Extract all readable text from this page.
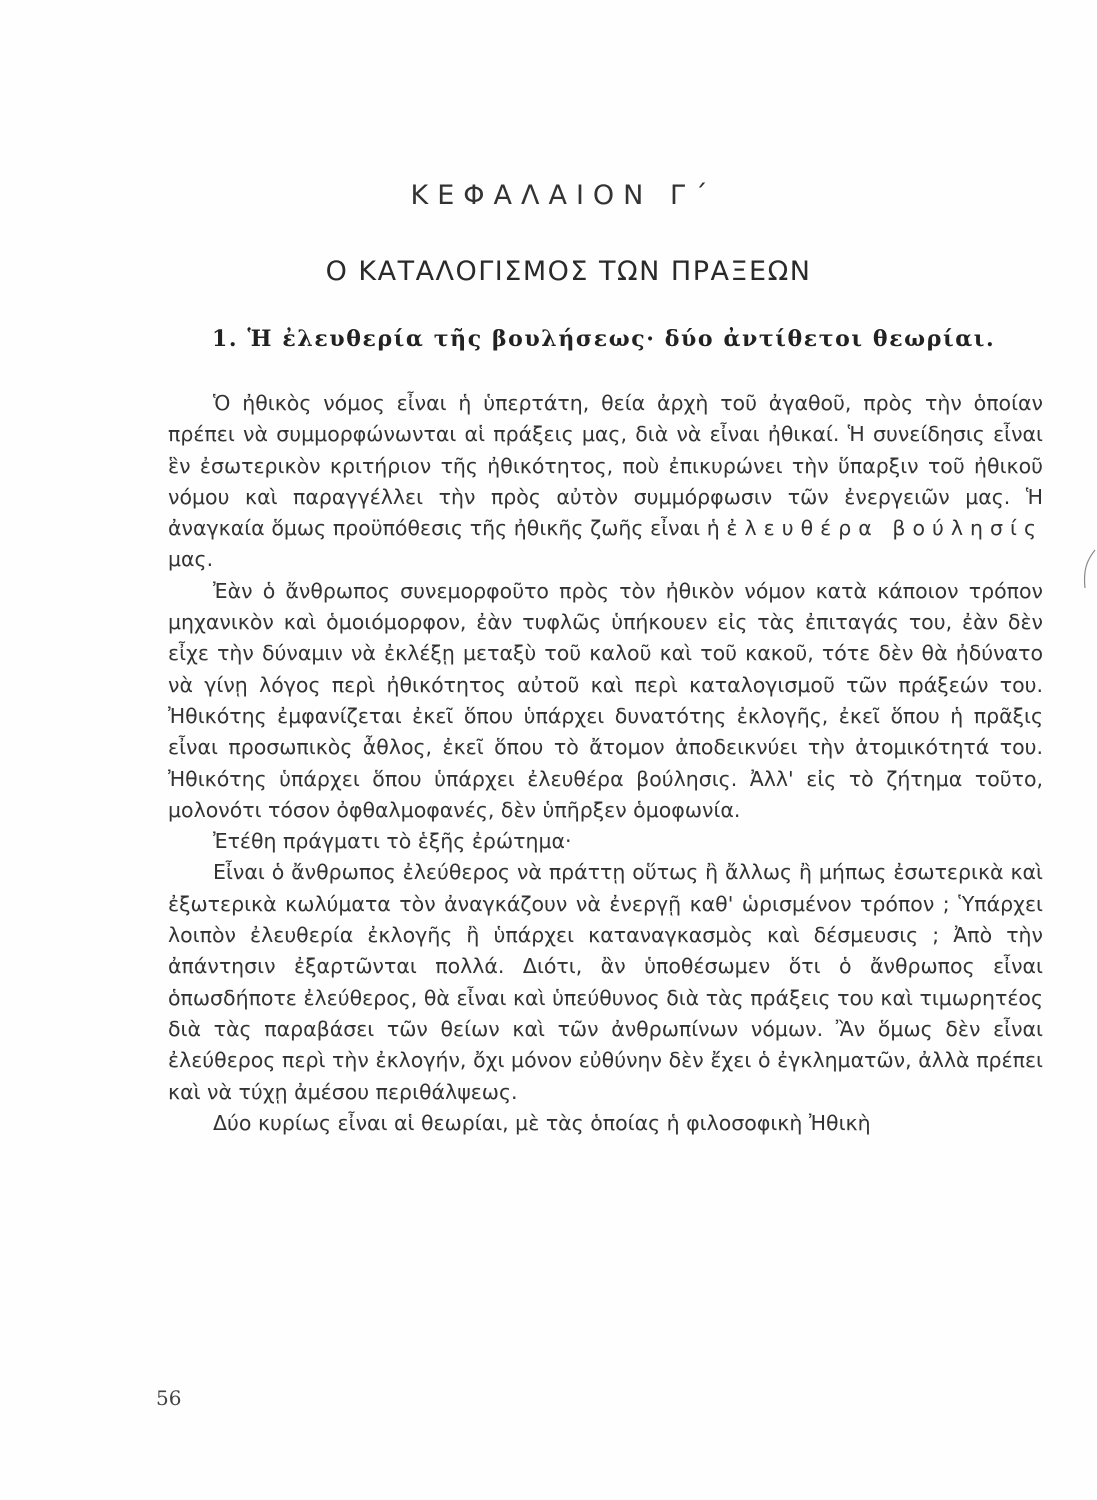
ΚΕΦΑΛΑΙΟΝ Γ΄
Ο ΚΑΤΑΛΟΓΙΣΜΟΣ ΤΩΝ ΠΡΑΞΕΩΝ
1. Ἡ ἐλευθερία τῆς βουλήσεως· δύο ἀντίθετοι θεωρίαι.

Ὁ ἠθικὸς νόμος εἶναι ἡ ὑπερτάτη, θεία ἀρχὴ τοῦ ἀγαθοῦ, πρὸς τὴν ὁποίαν πρέπει νὰ συμμορφώνωνται αἱ πράξεις μας, διὰ νὰ εἶναι ἠθικαί. Ἡ συνείδησις εἶναι ἓν ἐσωτερικὸν κριτήριον τῆς ἠθικότητος, ποὺ ἐπικυρώνει τὴν ὕπαρξιν τοῦ ἠθικοῦ νόμου καὶ παραγγέλλει τὴν πρὸς αὐτὸν συμμόρφωσιν τῶν ἐνεργειῶν μας. Ἡ ἀναγκαία ὅμως προϋπόθεσις τῆς ἠθικῆς ζωῆς εἶναι ἡ ἐλευθέρα βούλησίς μας.

Ἐὰν ὁ ἄνθρωπος συνεμορφοῦτο πρὸς τὸν ἠθικὸν νόμον κατὰ κάποιον τρόπον μηχανικὸν καὶ ὁμοιόμορφον, ἐὰν τυφλῶς ὑπήκουεν εἰς τὰς ἐπιταγάς του, ἐὰν δὲν εἶχε τὴν δύναμιν νὰ ἐκλέξῃ μεταξὺ τοῦ καλοῦ καὶ τοῦ κακοῦ, τότε δὲν θὰ ἠδύνατο νὰ γίνῃ λόγος περὶ ἠθικότητος αὐτοῦ καὶ περὶ καταλογισμοῦ τῶν πράξεών του. Ἠθικότης ἐμφανίζεται ἐκεῖ ὅπου ὑπάρχει δυνατότης ἐκλογῆς, ἐκεῖ ὅπου ἡ πρᾶξις εἶναι προσωπικὸς ἆθλος, ἐκεῖ ὅπου τὸ ἄτομον ἀποδεικνύει τὴν ἀτομικότητά του. Ἠθικότης ὑπάρχει ὅπου ὑπάρχει ἐλευθέρα βούλησις. Ἀλλ' εἰς τὸ ζήτημα τοῦτο, μολονότι τόσον ὀφθαλμοφανές, δὲν ὑπῆρξεν ὁμοφωνία.

Ἐτέθη πράγματι τὸ ἑξῆς ἐρώτημα·

Εἶναι ὁ ἄνθρωπος ἐλεύθερος νὰ πράττῃ οὕτως ἢ ἄλλως ἢ μήπως ἐσωτερικὰ καὶ ἐξωτερικὰ κωλύματα τὸν ἀναγκάζουν νὰ ἐνεργῇ καθ' ὡρισμένον τρόπον ; Ὑπάρχει λοιπὸν ἐλευθερία ἐκλογῆς ἢ ὑπάρχει καταναγκασμὸς καὶ δέσμευσις ; Ἀπὸ τὴν ἀπάντησιν ἐξαρτῶνται πολλά. Διότι, ἂν ὑποθέσωμεν ὅτι ὁ ἄνθρωπος εἶναι ὁπωσδήποτε ἐλεύθερος, θὰ εἶναι καὶ ὑπεύθυνος διὰ τὰς πράξεις του καὶ τιμωρητέος διὰ τὰς παραβάσει τῶν θείων καὶ τῶν ἀνθρωπίνων νόμων. Ἂν ὅμως δὲν εἶναι ἐλεύθερος περὶ τὴν ἐκλογήν, ὄχι μόνον εὐθύνην δὲν ἔχει ὁ ἐγκληματῶν, ἀλλὰ πρέπει καὶ νὰ τύχῃ ἀμέσου περιθάλψεως.

Δύο κυρίως εἶναι αἱ θεωρίαι, μὲ τὰς ὁποίας ἡ φιλοσοφικὴ Ἠθικὴ

56
